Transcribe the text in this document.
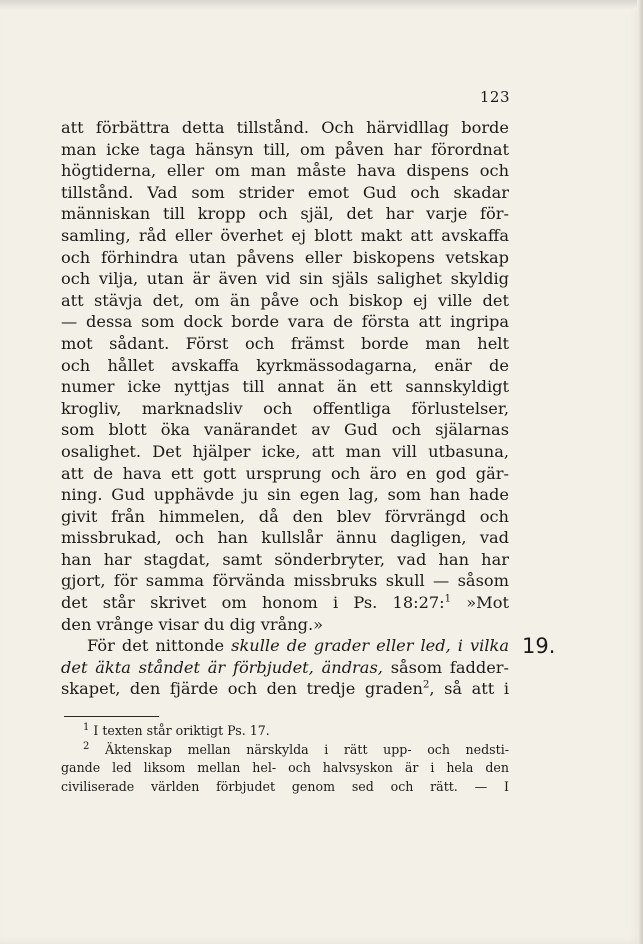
123
att förbättra detta tillstånd. Och härvidllag borde
man icke taga hänsyn till, om påven har förordnat
högtiderna, eller om man måste hava dispens och
tillstånd. Vad som strider emot Gud och skadar
människan till kropp och själ, det har varje för-
samling, råd eller överhet ej blott makt att avskaffa
och förhindra utan påvens eller biskopens vetskap
och vilja, utan är även vid sin själs salighet skyldig
att stävja det, om än påve och biskop ej ville det
— dessa som dock borde vara de första att ingripa
mot sådant. Först och främst borde man helt
och hållet avskaffa kyrkmässodagarna, enär de
numer icke nyttjas till annat än ett sannskyldigt
krogliv, marknadsliv och offentliga förlustelser,
som blott öka vanärandet av Gud och själarnas
osalighet. Det hjälper icke, att man vill utbasuna,
att de hava ett gott ursprung och äro en god gär-
ning. Gud upphävde ju sin egen lag, som han hade
givit från himmelen, då den blev förvrängd och
missbrukad, och han kullslår ännu dagligen, vad
han har stagdat, samt sönderbryter, vad han har
gjort, för samma förvända missbruks skull — såsom
det står skrivet om honom i Ps. 18:27:$^1$ »Mot
den vrånge visar du dig vrång.»
För det nittonde skulle de grader eller led, i vilka
det äkta ståndet är förbjudet, ändras, såsom fadder-
skapet, den fjärde och den tredje graden$^2$, så att i
19.
$^1$ I texten står oriktigt Ps. 17.
$^2$ Äktenskap mellan närskylda i rätt upp- och nedsti-
gande led liksom mellan hel- och halvsyskon är i hela den
civiliserade världen förbjudet genom sed och rätt. — I
